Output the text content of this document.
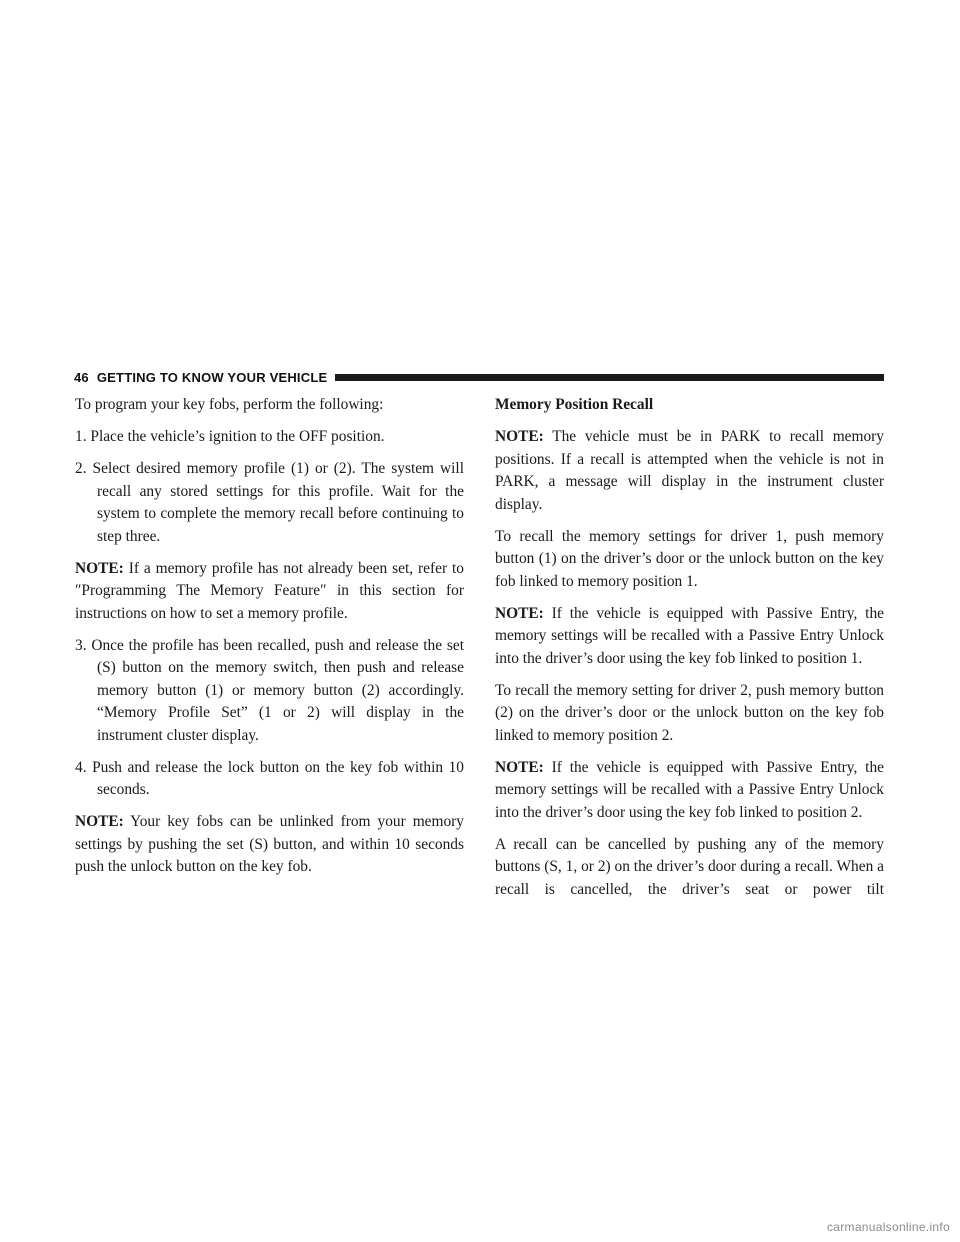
46 GETTING TO KNOW YOUR VEHICLE

To program your key fobs, perform the following:

1. Place the vehicle’s ignition to the OFF position.

2. Select desired memory profile (1) or (2). The system will recall any stored settings for this profile. Wait for the system to complete the memory recall before continuing to step three.

NOTE: If a memory profile has not already been set, refer to ″Programming The Memory Feature″ in this section for instructions on how to set a memory profile.

3. Once the profile has been recalled, push and release the set (S) button on the memory switch, then push and release memory button (1) or memory button (2) accordingly. “Memory Profile Set” (1 or 2) will display in the instrument cluster display.

4. Push and release the lock button on the key fob within 10 seconds.

NOTE: Your key fobs can be unlinked from your memory settings by pushing the set (S) button, and within 10 seconds push the unlock button on the key fob.

Memory Position Recall

NOTE: The vehicle must be in PARK to recall memory positions. If a recall is attempted when the vehicle is not in PARK, a message will display in the instrument cluster display.

To recall the memory settings for driver 1, push memory button (1) on the driver’s door or the unlock button on the key fob linked to memory position 1.

NOTE: If the vehicle is equipped with Passive Entry, the memory settings will be recalled with a Passive Entry Unlock into the driver’s door using the key fob linked to position 1.

To recall the memory setting for driver 2, push memory button (2) on the driver’s door or the unlock button on the key fob linked to memory position 2.

NOTE: If the vehicle is equipped with Passive Entry, the memory settings will be recalled with a Passive Entry Unlock into the driver’s door using the key fob linked to position 2.

A recall can be cancelled by pushing any of the memory buttons (S, 1, or 2) on the driver’s door during a recall. When a recall is cancelled, the driver’s seat or power tilt

carmanualsonline.info
